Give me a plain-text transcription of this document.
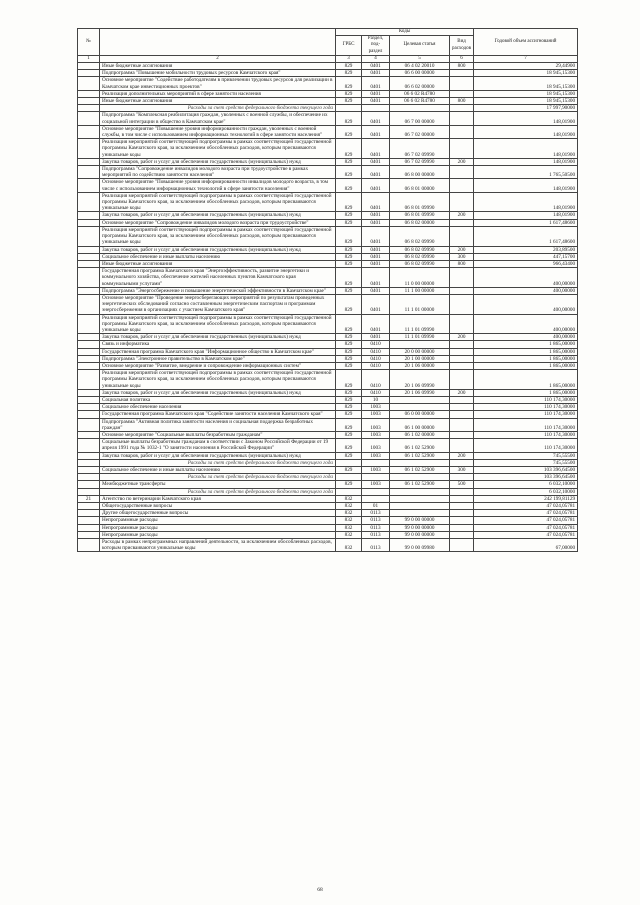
№		Коды				Годовой объем ассигнований
		ГРБС	Раздел, под-раздел	Целевая статья	Вид расходов	
1	2	3	4	5	6	7
	Иные бюджетные ассигнования	829	0401	06 4 02 20010	800	29,44900
	Подпрограмма "Повышение мобильности трудовых ресурсов Камчатского края"	829	0401	06 6 00 00000		18 945,15300
	Основное мероприятие "Содействие работодателям в привлечении трудовых ресурсов для реализации в Камчатском крае инвестиционных проектов"	829	0401	06 6 02 00000		18 945,15300
	Реализация дополнительных мероприятий в сфере занятости населения	829	0401	06 6 02 R4780		18 945,15300
	Иные бюджетные ассигнования	829	0401	06 6 02 R4780	800	18 945,15300
	Расходы за счет средств федерального бюджета текущего года					17 997,90000
	Подпрограмма "Комплексная реабилитация граждан, уволенных с военной службы, и обеспечение их социальной интеграции в общество в Камчатском крае"	829	0401	06 7 00 00000		148,01900
	Основное мероприятие "Повышение уровня информированности граждан, уволенных с военной службы, в том числе с использованием информационных технологий в сфере занятости населения"	829	0401	06 7 02 00000		148,01900
	Реализация мероприятий соответствующей подпрограммы в рамках соответствующей государственной программы Камчатского края, за исключением обособленных расходов, которым присваиваются уникальные коды	829	0401	06 7 02 09990		148,01900
	Закупка товаров, работ и услуг для обеспечения государственных (муниципальных) нужд	829	0401	06 7 02 09990	200	148,01900
	Подпрограмма "Сопровождение инвалидов молодого возраста при трудоустройстве в рамках мероприятий по содействию занятости населения"	829	0401	06 8 00 00000		1 765,50500
	Основное мероприятие "Повышение уровня информированности инвалидов молодого возраста, в том числе с использованием информационных технологий в сфере занятости населения"	829	0401	06 8 01 00000		148,01900
	Реализация мероприятий соответствующей подпрограммы в рамках соответствующей государственной программы Камчатского края, за исключением обособленных расходов, которым присваиваются уникальные коды	829	0401	06 8 01 09990		148,01900
	Закупка товаров, работ и услуг для обеспечения государственных (муниципальных) нужд	829	0401	06 8 01 09990	200	148,01900
	Основное мероприятие "Сопровождение инвалидов молодого возраста при трудоустройстве"	829	0401	06 8 02 00000		1 617,48600
	Реализация мероприятий соответствующей подпрограммы в рамках соответствующей государственной программы Камчатского края, за исключением обособленных расходов, которым присваиваются уникальные коды	829	0401	06 8 02 09990		1 617,48600
	Закупка товаров, работ и услуг для обеспечения государственных (муниципальных) нужд	829	0401	06 8 02 09990	200	203,89500
	Социальное обеспечение и иные выплаты населению	829	0401	06 8 02 09990	300	447,15700
	Иные бюджетные ассигнования	829	0401	06 8 02 09990	800	966,43400
	Государственная программа Камчатского края "Энергоэффективность, развитие энергетики и коммунального хозяйства, обеспечение жителей населенных пунктов Камчатского края коммунальными услугами"	829	0401	11 0 00 00000		400,00000
	Подпрограмма "Энергосбережение и повышение энергетической эффективности в Камчатском крае"	829	0401	11 1 00 00000		400,00000
	Основное мероприятие "Проведение энергосберегающих мероприятий по результатам проведенных энергетических обследований согласно составленным энергетическим паспортам и программам энергосбережения в организациях с участием Камчатского края"	829	0401	11 1 01 00000		400,00000
	Реализация мероприятий соответствующей подпрограммы в рамках соответствующей государственной программы Камчатского края, за исключением обособленных расходов, которым присваиваются уникальные коды	829	0401	11 1 01 09990		400,00000
	Закупка товаров, работ и услуг для обеспечения государственных (муниципальных) нужд	829	0401	11 1 01 09990	200	400,00000
	Связь и информатика	829	0410			1 865,00000
	Государственная программа Камчатского края "Информационное общество в Камчатском крае"	829	0410	20 0 00 00000		1 865,00000
	Подпрограмма "Электронное правительство в Камчатском крае"	829	0410	20 1 00 00000		1 865,00000
	Основное мероприятие "Развитие, внедрение и сопровождение информационных систем"	829	0410	20 1 06 00000		1 865,00000
	Реализация мероприятий соответствующей подпрограммы в рамках соответствующей государственной программы Камчатского края, за исключением обособленных расходов, которым присваиваются уникальные коды	829	0410	20 1 06 09990		1 865,00000
	Закупка товаров, работ и услуг для обеспечения государственных (муниципальных) нужд	829	0410	20 1 06 09990	200	1 865,00000
	Социальная политика	829	10			110 174,30000
	Социальное обеспечение населения	829	1003			110 174,30000
	Государственная программа Камчатского края "Содействие занятости населения Камчатского края"	829	1003	06 0 00 00000		110 174,30000
	Подпрограмма "Активная политика занятости населения и социальная поддержка безработных граждан"	829	1003	06 1 00 00000		110 174,30000
	Основное мероприятие "Социальные выплаты безработным гражданам"	829	1003	06 1 02 00000		110 174,30000
	Социальные выплаты безработным гражданам в соответствии с Законом Российской Федерации от 19 апреля 1991 года № 1032-1 "О занятости населения в Российской Федерации"	829	1003	06 1 02 52900		110 174,30000
	Закупка товаров, работ и услуг для обеспечения государственных (муниципальных) нужд	829	1003	06 1 02 52900	200	745,55500
	Расходы за счет средств федерального бюджета текущего года					745,55500
	Социальное обеспечение и иные выплаты населению	829	1003	06 1 02 52900	300	103 396,64500
	Расходы за счет средств федерального бюджета текущего года					103 396,64500
	Межбюджетные трансферты	829	1003	06 1 02 52900	500	6 032,10000
	Расходы за счет средств федерального бюджета текущего года					6 032,10000
21	Агентство по ветеринарии Камчатского края	832				242 199,81129
	Общегосударственные вопросы	832	01			47 024,05781
	Другие общегосударственные вопросы	832	0113			47 024,05781
	Непрограммные расходы	832	0113	99 0 00 00000		47 024,05781
	Непрограммные расходы	832	0113	99 0 00 00000		47 024,05781
	Непрограммные расходы	832	0113	99 0 00 00000		47 024,05781
	Расходы в рамках непрограммных направлений деятельности, за исключением обособленных расходов, которым присваиваются уникальные коды	832	0113	99 0 00 09980		67,00000
68
